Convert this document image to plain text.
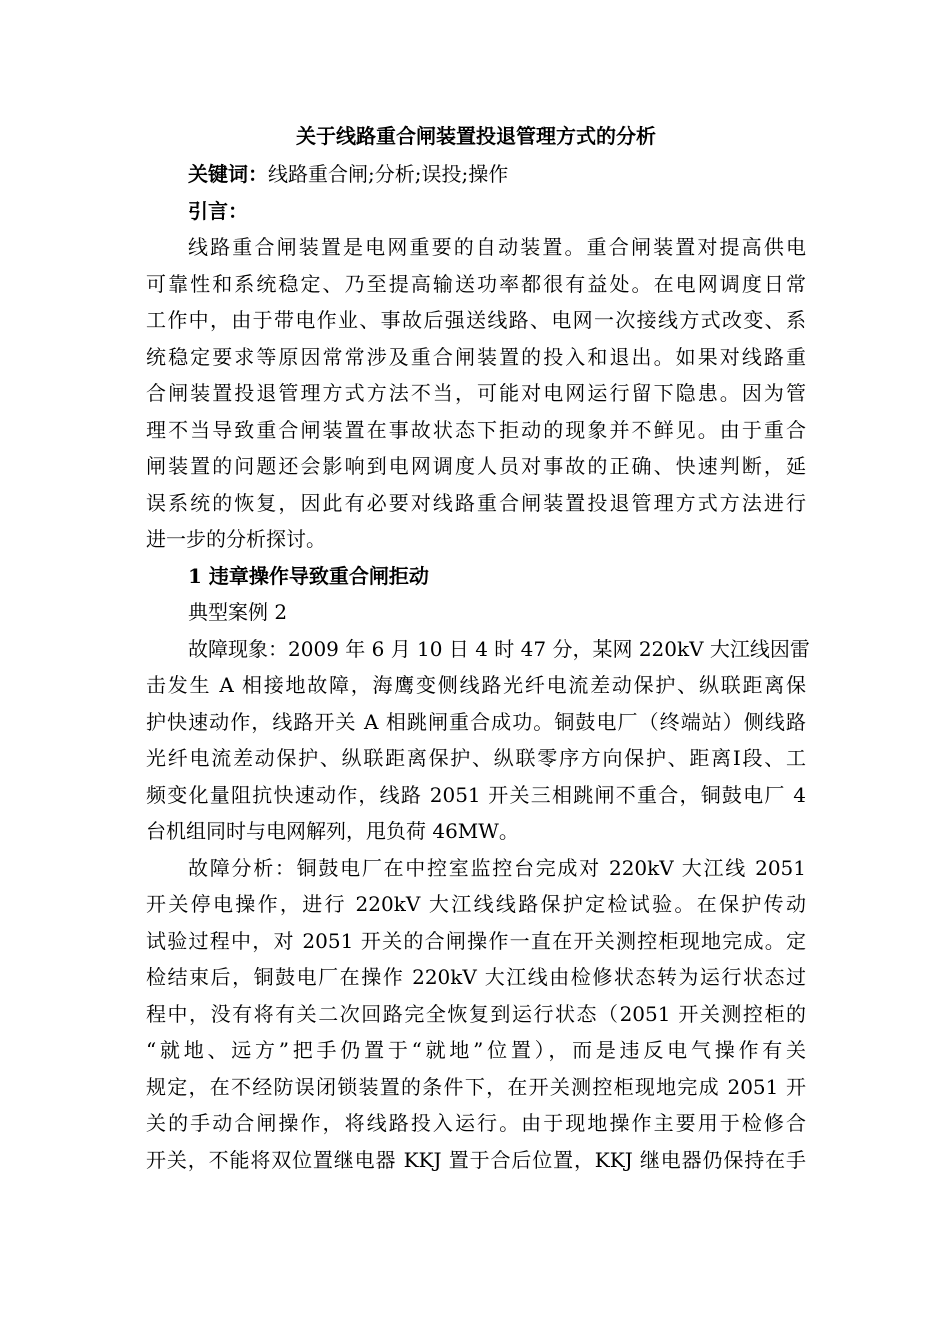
关于线路重合闸装置投退管理方式的分析
关键词：线路重合闸;分析;误投;操作
引言：
线路重合闸装置是电网重要的自动装置。重合闸装置对提高供电
可靠性和系统稳定、乃至提高输送功率都很有益处。在电网调度日常
工作中，由于带电作业、事故后强送线路、电网一次接线方式改变、系
统稳定要求等原因常常涉及重合闸装置的投入和退出。如果对线路重
合闸装置投退管理方式方法不当，可能对电网运行留下隐患。因为管
理不当导致重合闸装置在事故状态下拒动的现象并不鲜见。由于重合
闸装置的问题还会影响到电网调度人员对事故的正确、快速判断，延
误系统的恢复，因此有必要对线路重合闸装置投退管理方式方法进行
进一步的分析探讨。
1 违章操作导致重合闸拒动
典型案例 2
故障现象：2009 年 6 月 10 日 4 时 47 分，某网 220kV 大江线因雷
击发生 A 相接地故障，海鹰变侧线路光纤电流差动保护、纵联距离保
护快速动作，线路开关 A 相跳闸重合成功。铜鼓电厂（终端站）侧线路
光纤电流差动保护、纵联距离保护、纵联零序方向保护、距离Ⅰ段、工
频变化量阻抗快速动作，线路 2051 开关三相跳闸不重合，铜鼓电厂 4
台机组同时与电网解列，甩负荷 46MW。
故障分析：铜鼓电厂在中控室监控台完成对 220kV 大江线 2051
开关停电操作，进行 220kV 大江线线路保护定检试验。在保护传动
试验过程中，对 2051 开关的合闸操作一直在开关测控柜现地完成。定
检结束后，铜鼓电厂在操作 220kV 大江线由检修状态转为运行状态过
程中，没有将有关二次回路完全恢复到运行状态（2051 开关测控柜的
“就地、远方”把手仍置于“就地”位置），而是违反电气操作有关
规定，在不经防误闭锁装置的条件下，在开关测控柜现地完成 2051 开
关的手动合闸操作，将线路投入运行。由于现地操作主要用于检修合
开关，不能将双位置继电器 KKJ 置于合后位置，KKJ 继电器仍保持在手
